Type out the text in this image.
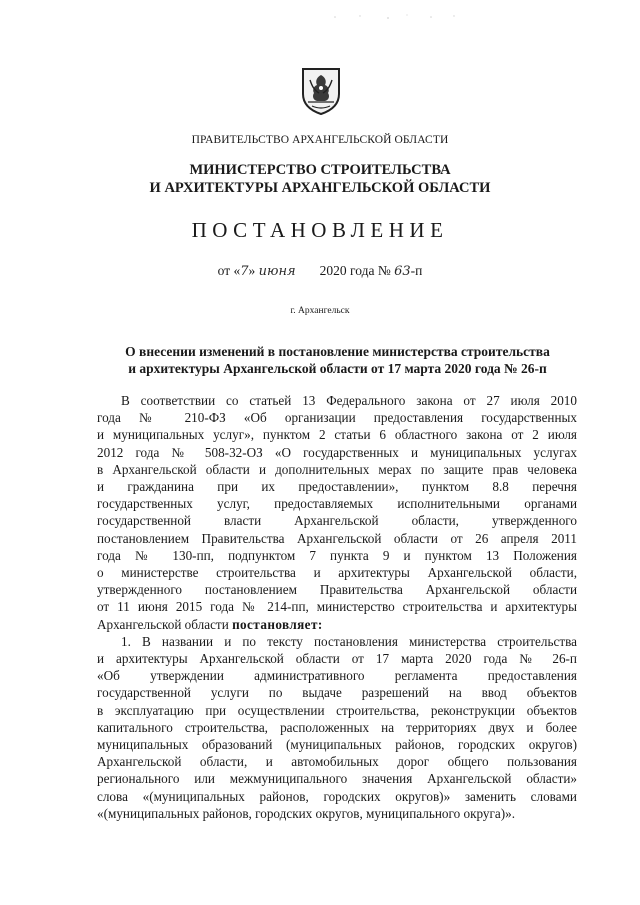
ПРАВИТЕЛЬСТВО АРХАНГЕЛЬСКОЙ ОБЛАСТИ
МИНИСТЕРСТВО СТРОИТЕЛЬСТВА
И АРХИТЕКТУРЫ АРХАНГЕЛЬСКОЙ ОБЛАСТИ
ПОСТАНОВЛЕНИЕ
от «7» июня 2020 года № 63-п
г. Архангельск
О внесении изменений в постановление министерства строительства
и архитектуры Архангельской области от 17 марта 2020 года № 26-п
В соответствии со статьей 13 Федерального закона от 27 июля 2010
года № 210-ФЗ «Об организации предоставления государственных
и муниципальных услуг», пунктом 2 статьи 6 областного закона от 2 июля
2012 года № 508-32-ОЗ «О государственных и муниципальных услугах
в Архангельской области и дополнительных мерах по защите прав человека
и гражданина при их предоставлении», пунктом 8.8 перечня
государственных услуг, предоставляемых исполнительными органами
государственной власти Архангельской области, утвержденного
постановлением Правительства Архангельской области от 26 апреля 2011
года № 130-пп, подпунктом 7 пункта 9 и пунктом 13 Положения
о министерстве строительства и архитектуры Архангельской области,
утвержденного постановлением Правительства Архангельской области
от 11 июня 2015 года № 214-пп, министерство строительства и архитектуры
Архангельской области постановляет:
1. В названии и по тексту постановления министерства строительства
и архитектуры Архангельской области от 17 марта 2020 года № 26-п
«Об утверждении административного регламента предоставления
государственной услуги по выдаче разрешений на ввод объектов
в эксплуатацию при осуществлении строительства, реконструкции объектов
капитального строительства, расположенных на территориях двух и более
муниципальных образований (муниципальных районов, городских округов)
Архангельской области, и автомобильных дорог общего пользования
регионального или межмуниципального значения Архангельской области»
слова «(муниципальных районов, городских округов)» заменить словами
«(муниципальных районов, городских округов, муниципального округа)».
